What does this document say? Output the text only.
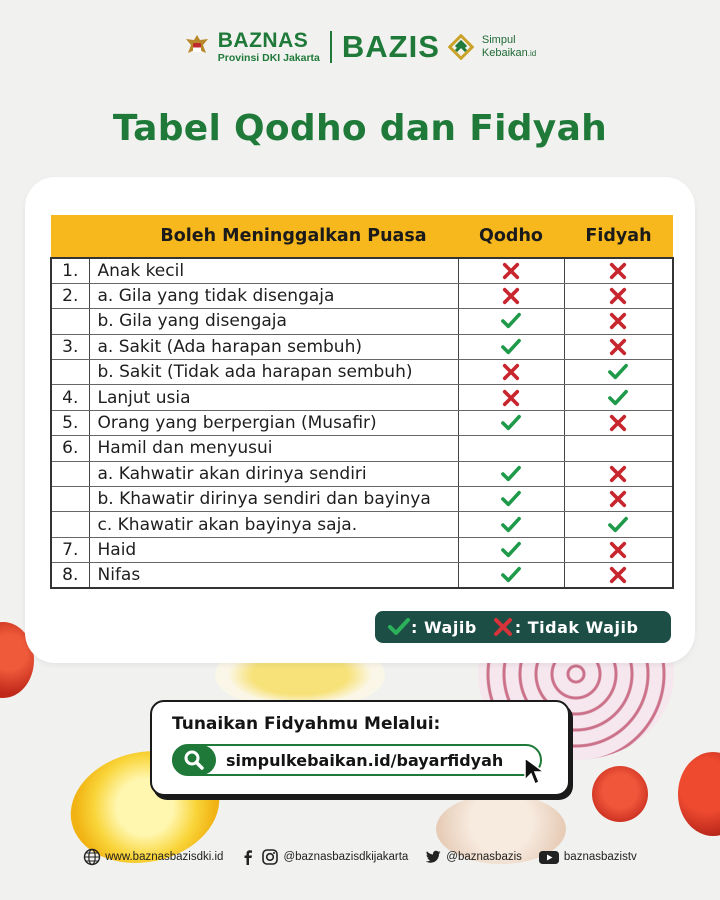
BAZNAS
Provinsi DKI Jakarta BAZIS	Simpul
Kebaikan.id
Tabel Qodho dan Fidyah
	Boleh Meninggalkan Puasa	Qodho	Fidyah
1.	Anak kecil		
2.	a. Gila yang tidak disengaja		
	b. Gila yang disengaja		
3.	a. Sakit (Ada harapan sembuh)		
	b. Sakit (Tidak ada harapan sembuh)		
4.	Lanjut usia		
5.	Orang yang berpergian (Musafir)		
6.	Hamil dan menyusui		
	a. Kahwatir akan dirinya sendiri		
	b. Khawatir dirinya sendiri dan bayinya		
	c. Khawatir akan bayinya saja.		
7.	Haid		
8.	Nifas		
: Wajib : Tidak Wajib
Tunaikan Fidyahmu Melalui:
simpulkebaikan.id/bayarfidyah
www.baznasbazisdki.id	@baznasbazisdkijakarta	@baznasbazis	baznasbazistv
